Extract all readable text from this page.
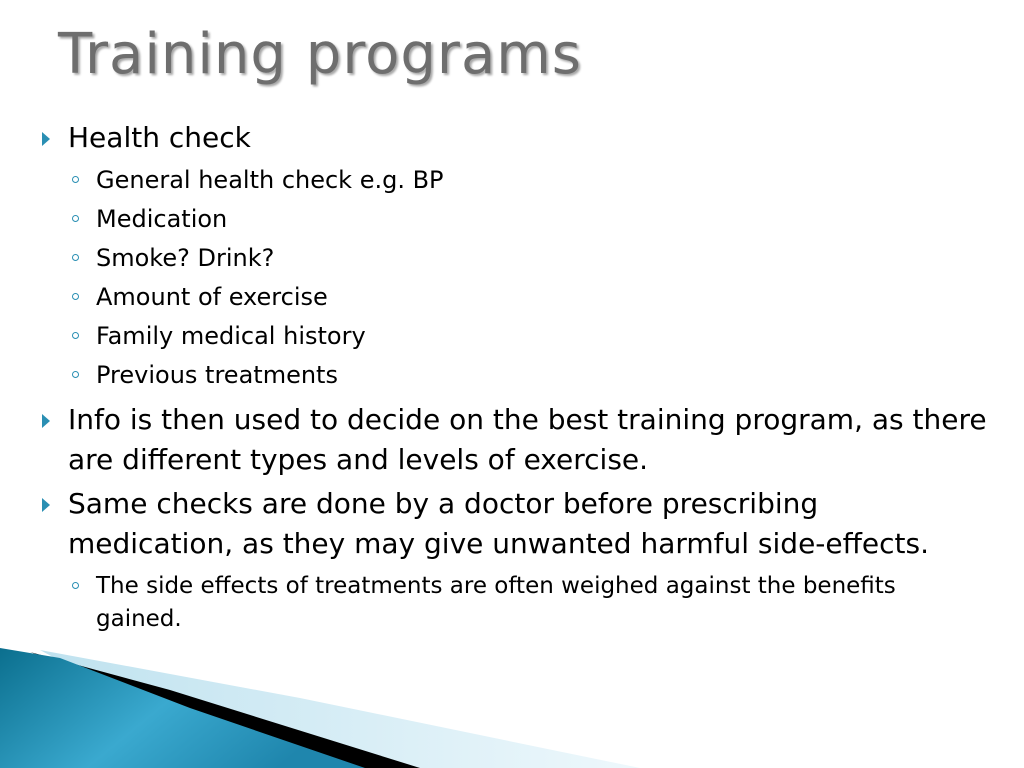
Training programs
Health check
General health check e.g. BP
Medication
Smoke? Drink?
Amount of exercise
Family medical history
Previous treatments
Info is then used to decide on the best training program, as there are different types and levels of exercise.
Same checks are done by a doctor before prescribing medication, as they may give unwanted harmful side-effects.
The side effects of treatments are often weighed against the benefits gained.
